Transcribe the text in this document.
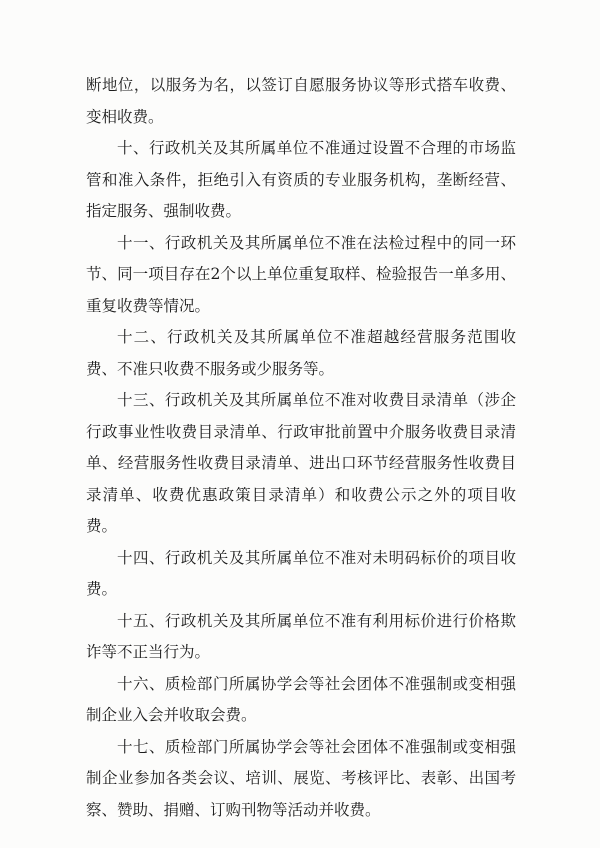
断地位，以服务为名，以签订自愿服务协议等形式搭车收费、变相收费。

十、行政机关及其所属单位不准通过设置不合理的市场监管和准入条件，拒绝引入有资质的专业服务机构，垄断经营、指定服务、强制收费。

十一、行政机关及其所属单位不准在法检过程中的同一环节、同一项目存在2个以上单位重复取样、检验报告一单多用、重复收费等情况。

十二、行政机关及其所属单位不准超越经营服务范围收费、不准只收费不服务或少服务等。

十三、行政机关及其所属单位不准对收费目录清单（涉企行政事业性收费目录清单、行政审批前置中介服务收费目录清单、经营服务性收费目录清单、进出口环节经营服务性收费目录清单、收费优惠政策目录清单）和收费公示之外的项目收费。

十四、行政机关及其所属单位不准对未明码标价的项目收费。

十五、行政机关及其所属单位不准有利用标价进行价格欺诈等不正当行为。

十六、质检部门所属协学会等社会团体不准强制或变相强制企业入会并收取会费。

十七、质检部门所属协学会等社会团体不准强制或变相强制企业参加各类会议、培训、展览、考核评比、表彰、出国考察、赞助、捐赠、订购刊物等活动并收费。
